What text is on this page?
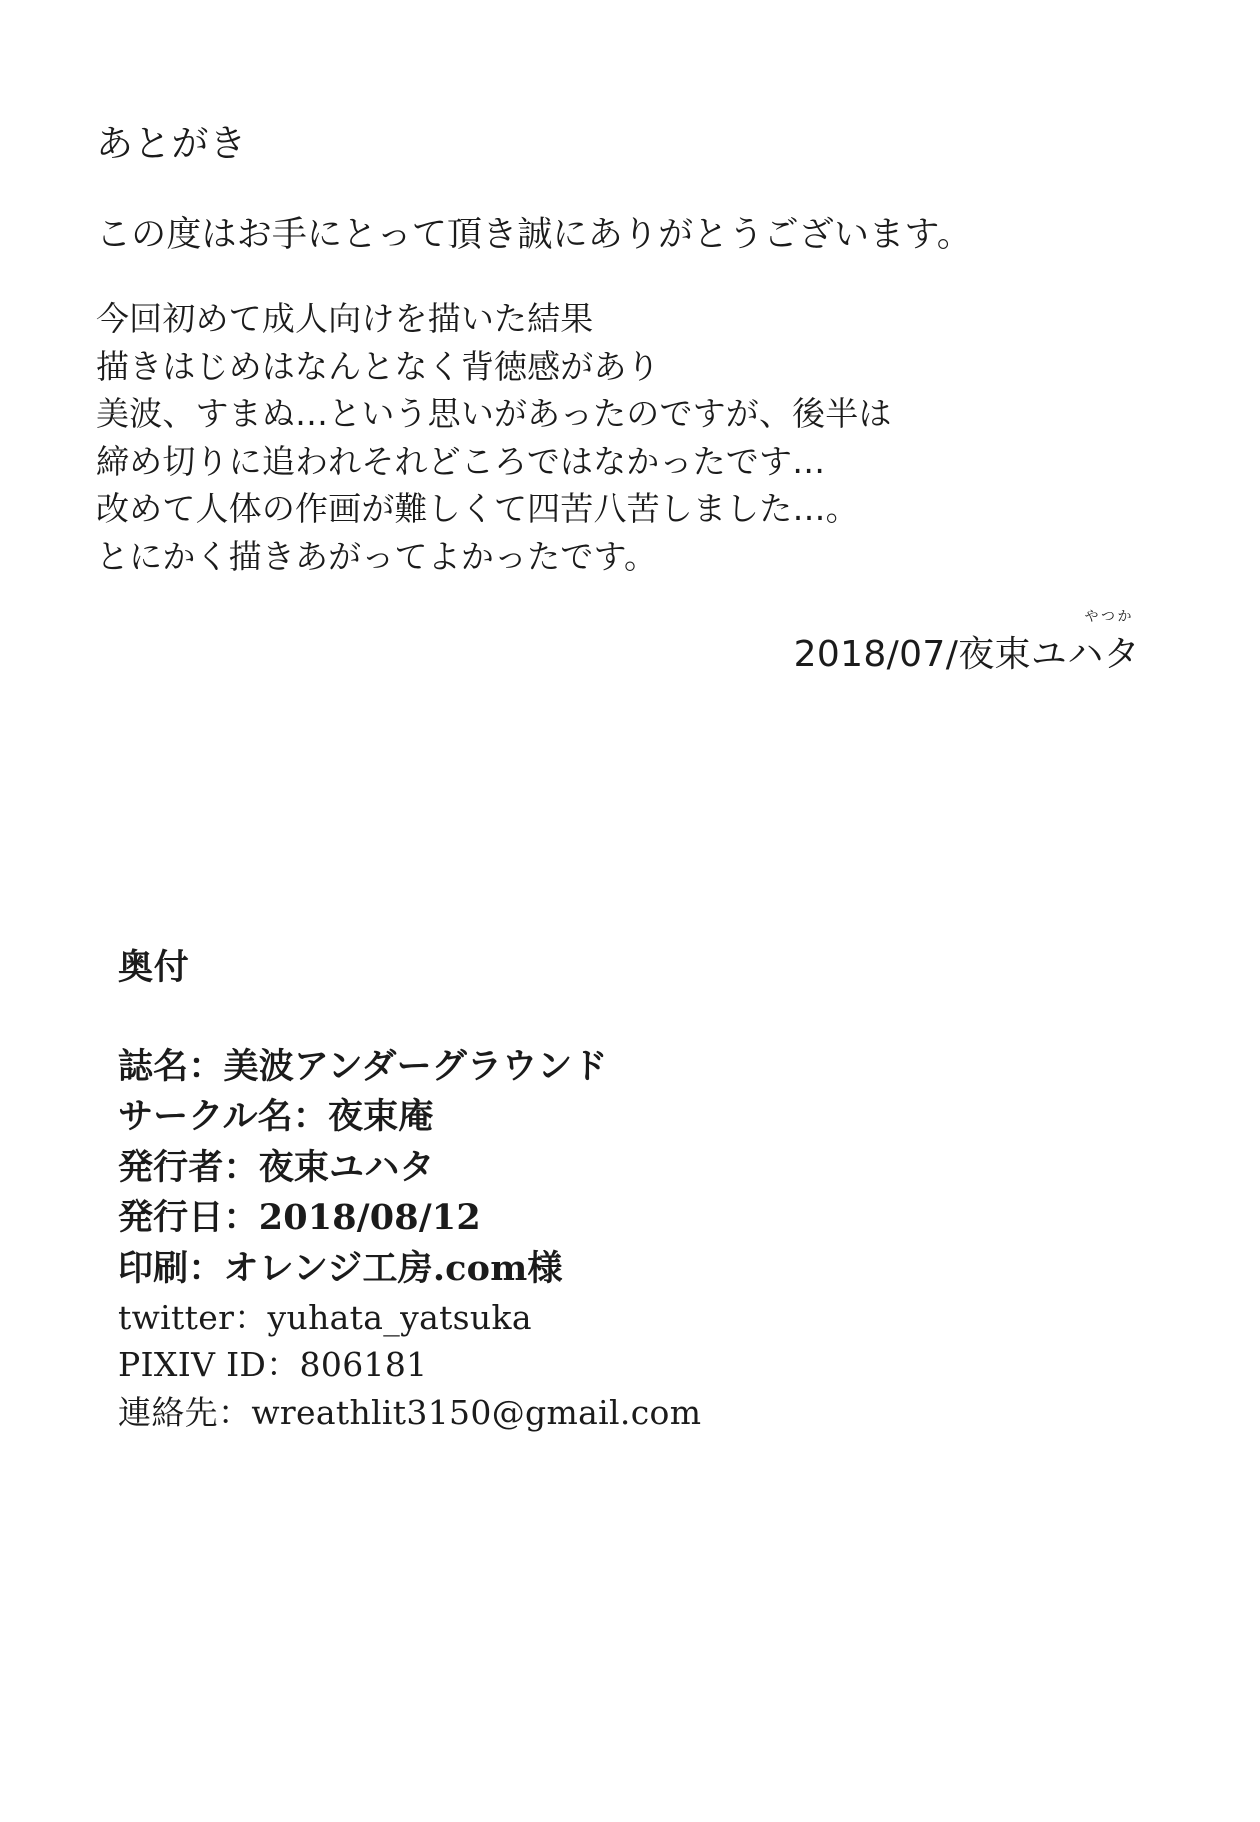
あとがき

この度はお手にとって頂き誠にありがとうございます。

今回初めて成人向けを描いた結果

描きはじめはなんとなく背徳感があり

美波、すまぬ…という思いがあったのですが、後半は

締め切りに追われそれどころではなかったです…

改めて人体の作画が難しくて四苦八苦しました…。

とにかく描きあがってよかったです。

やつか
2018/07/夜束ユハタ
奥付
誌名：美波アンダーグラウンド
サークル名：夜束庵
発行者：夜束ユハタ
発行日：2018/08/12
印刷：オレンジ工房.com様
twitter：yuhata_yatsuka
PIXIV ID：806181
連絡先：wreathlit3150@gmail.com
